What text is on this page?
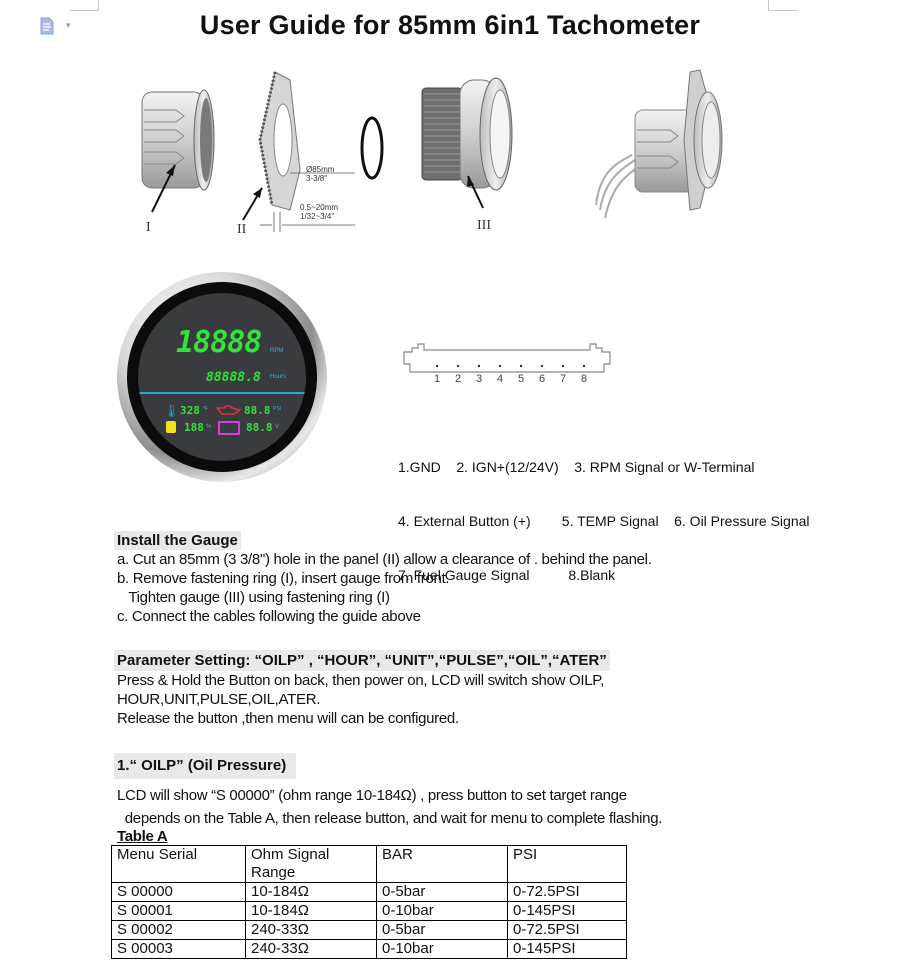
▾	User Guide for 85mm 6in1 Tachometer
I	II	III
Ø85mm
3-3/8"
0.5~20mm
1/32~3/4"
18888 RPM
88888.8 Hours
🌡 328 °F	88.8 PSI
188 %	88.8 V
1 2 3 4 5 6 7 8

1.GND    2. IGN+(12/24V)    3. RPM Signal or W-Terminal

4. External Button (+)        5. TEMP Signal    6. Oil Pressure Signal

7. Fuel Gauge Signal          8.Blank

Install the Gauge
a. Cut an 85mm (3 3/8") hole in the panel (II) allow a clearance of . behind the panel.
b. Remove fastening ring (I), insert gauge from front.
Tighten gauge (III) using fastening ring (I)
c. Connect the cables following the guide above
Parameter Setting: “OILP” , “HOUR”, “UNIT”,“PULSE”,“OIL”,“ATER”
Press & Hold the Button on back, then power on, LCD will switch show OILP,
HOUR,UNIT,PULSE,OIL,ATER.
Release the button ,then menu will can be configured.
1.“ OILP” (Oil Pressure)
LCD will show “S 00000” (ohm range 10-184Ω) , press button to set target range
depends on the Table A, then release button, and wait for menu to complete flashing.
Table A
Menu Serial	Ohm Signal Range	BAR	PSI
S 00000	10-184Ω	0-5bar	0-72.5PSI
S 00001	10-184Ω	0-10bar	0-145PSI
S 00002	240-33Ω	0-5bar	0-72.5PSI
S 00003	240-33Ω	0-10bar	0-145PSI
